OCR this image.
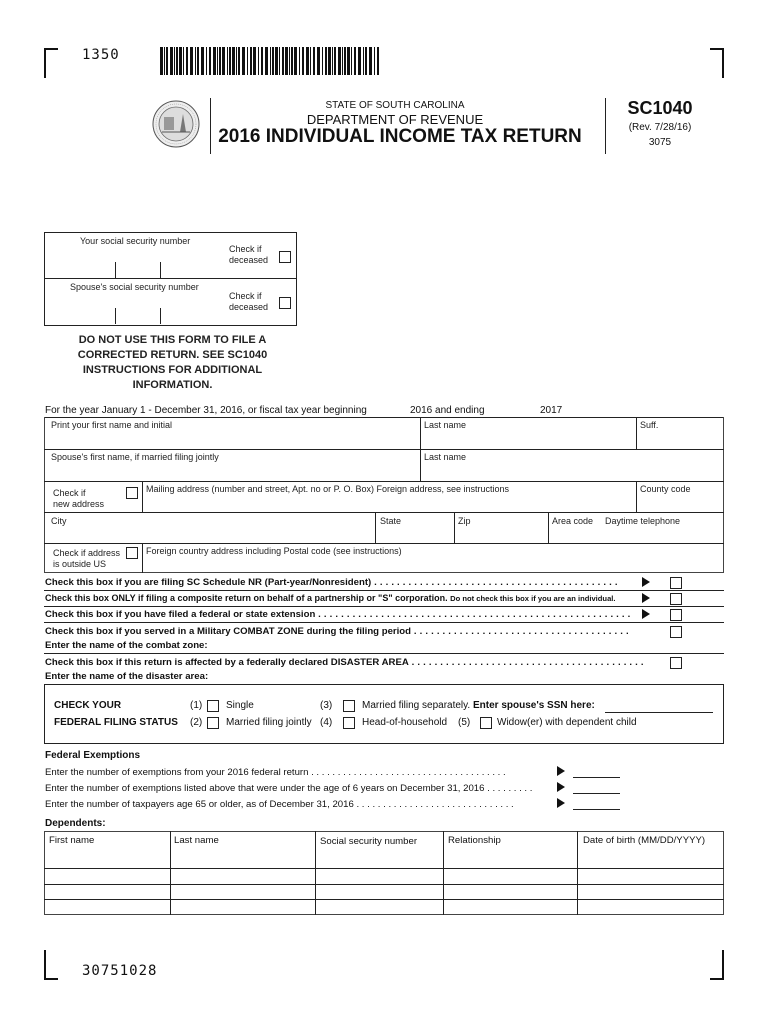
1350
STATE OF SOUTH CAROLINA
DEPARTMENT OF REVENUE
2016 INDIVIDUAL INCOME TAX RETURN
SC1040
(Rev. 7/28/16)
3075
Your social security number
Check if
deceased
Spouse's social security number
Check if
deceased
DO NOT USE THIS FORM TO FILE A CORRECTED RETURN. SEE SC1040 INSTRUCTIONS FOR ADDITIONAL INFORMATION.
For the year January 1 - December 31, 2016, or fiscal tax year beginning	2016 and ending	2017
Print your first name and initial	Last name	Suff.
Spouse's first name, if married filing jointly	Last name
Check if
new address
Mailing address (number and street, Apt. no or P. O. Box) Foreign address, see instructions	County code
City	State	Zip	Area code Daytime telephone
Check if address
is outside US
Foreign country address including Postal code (see instructions)
Check this box if you are filing SC Schedule NR (Part-year/Nonresident) . . . . . . . . . . . . . . . . . . . . . . . . . . . . . . . . . . . . . . . . . . .
Check this box ONLY if filing a composite return on behalf of a partnership or "S" corporation. Do not check this box if you are an individual.
Check this box if you have filed a federal or state extension . . . . . . . . . . . . . . . . . . . . . . . . . . . . . . . . . . . . . . . . . . . . . . . . . . . . . . .
Check this box if you served in a Military COMBAT ZONE during the filing period . . . . . . . . . . . . . . . . . . . . . . . . . . . . . . . . . . . . . .
Enter the name of the combat zone:
Check this box if this return is affected by a federally declared DISASTER AREA . . . . . . . . . . . . . . . . . . . . . . . . . . . . . . . . . . . . . . . . .
Enter the name of the disaster area:
CHECK YOUR
FEDERAL FILING STATUS
(1) Single
(2) Married filing jointly
(3)	Married filing separately. Enter spouse's SSN here:
(4)	Head-of-household (5)	Widow(er) with dependent child
Federal Exemptions
Enter the number of exemptions from your 2016 federal return . . . . . . . . . . . . . . . . . . . . . . . . . . . . . . . . . . . . .
Enter the number of exemptions listed above that were under the age of 6 years on December 31, 2016 . . . . . . . . .
Enter the number of taxpayers age 65 or older, as of December 31, 2016 . . . . . . . . . . . . . . . . . . . . . . . . . . . . . .
Dependents:
First name	Last name	Social security number	Relationship	Date of birth (MM/DD/YYYY)
30751028
